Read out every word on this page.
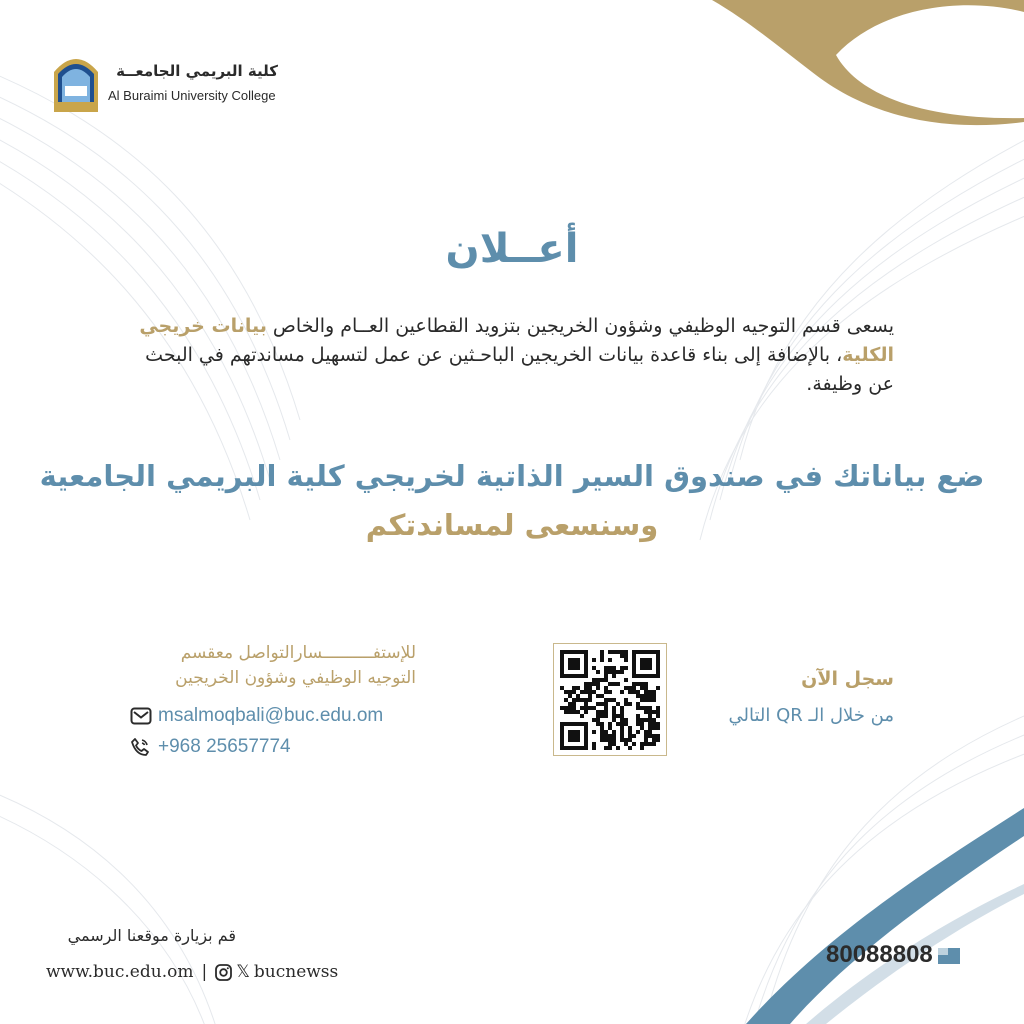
كلية البريمي الجامعــة
Al Buraimi University College
أعــلان
يسعى قسم التوجيه الوظيفي وشؤون الخريجين بتزويد القطاعين العــام والخاص بيانات خريجي الكلية، بالإضافة إلى بناء قاعدة بيانات الخريجين الباحـثين عن عمل لتسهيل مساندتهم في البحث عن وظيفة.
ضع بياناتك في صندوق السير الذاتية لخريجي كلية البريمي الجامعية
وسنسعى لمساندتكم
للإستفــــــــــسارالتواصل معقسم
التوجيه الوظيفي وشؤون الخريجين
msalmoqbali@buc.edu.om
+968 25657774
سجل الآن
من خلال الـ QR التالي
قم بزيارة موقعنا الرسمي
www.buc.edu.om | 𝕏 bucnewss
80088808
